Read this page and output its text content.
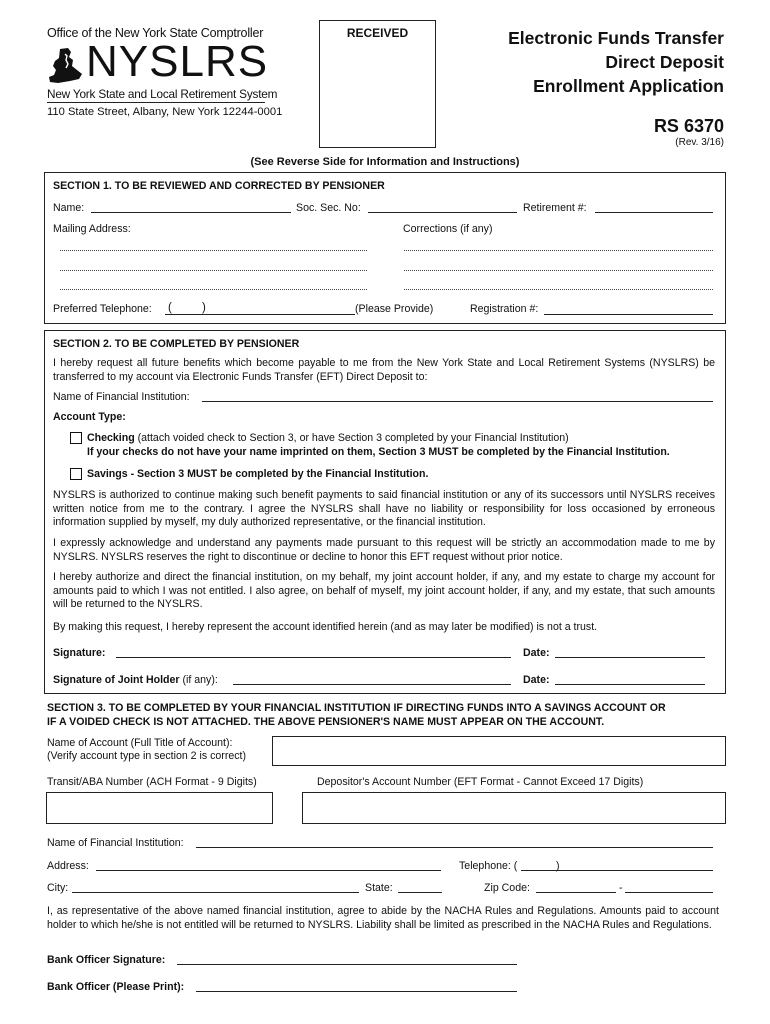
Office of the New York State Comptroller
NYSLRS
New York State and Local Retirement System
110 State Street, Albany, New York 12244-0001
RECEIVED	Electronic Funds Transfer
Direct Deposit
Enrollment Application
RS 6370
(Rev. 3/16)
(See Reverse Side for Information and Instructions)
SECTION 1. TO BE REVIEWED AND CORRECTED BY PENSIONER
Name:	Soc. Sec. No:	Retirement #:
Mailing Address:	Corrections (if any)
Preferred Telephone: (	)	(Please Provide)	Registration #:
SECTION 2. TO BE COMPLETED BY PENSIONER
I hereby request all future benefits which become payable to me from the New York State and Local Retirement Systems (NYSLRS) be transferred to my account via Electronic Funds Transfer (EFT) Direct Deposit to:
Name of Financial Institution:
Account Type:
Checking (attach voided check to Section 3, or have Section 3 completed by your Financial Institution)
If your checks do not have your name imprinted on them, Section 3 MUST be completed by the Financial Institution.
Savings - Section 3 MUST be completed by the Financial Institution.
NYSLRS is authorized to continue making such benefit payments to said financial institution or any of its successors until NYSLRS receives written notice from me to the contrary. I agree the NYSLRS shall have no liability or responsibility for loss occasioned by erroneous information supplied by myself, my duly authorized representative, or the financial institution.
I expressly acknowledge and understand any payments made pursuant to this request will be strictly an accommodation made to me by NYSLRS. NYSLRS reserves the right to discontinue or decline to honor this EFT request without prior notice.
I hereby authorize and direct the financial institution, on my behalf, my joint account holder, if any, and my estate to charge my account for amounts paid to which I was not entitled. I also agree, on behalf of myself, my joint account holder, if any, and my estate, that such amounts will be returned to the NYSLRS.
By making this request, I hereby represent the account identified herein (and as may later be modified) is not a trust.
Signature:	Date:
Signature of Joint Holder (if any):	Date:
SECTION 3. TO BE COMPLETED BY YOUR FINANCIAL INSTITUTION IF DIRECTING FUNDS INTO A SAVINGS ACCOUNT OR
IF A VOIDED CHECK IS NOT ATTACHED. THE ABOVE PENSIONER'S NAME MUST APPEAR ON THE ACCOUNT.
Name of Account (Full Title of Account):
(Verify account type in section 2 is correct)
Transit/ABA Number (ACH Format - 9 Digits)	Depositor's Account Number (EFT Format - Cannot Exceed 17 Digits)
Name of Financial Institution:
Address:	Telephone: (	)
City:	State:	Zip Code:	-
I, as representative of the above named financial institution, agree to abide by the NACHA Rules and Regulations. Amounts paid to account holder to which he/she is not entitled will be returned to NYSLRS. Liability shall be limited as prescribed in the NACHA Rules and Regulations.
Bank Officer Signature:
Bank Officer (Please Print):
